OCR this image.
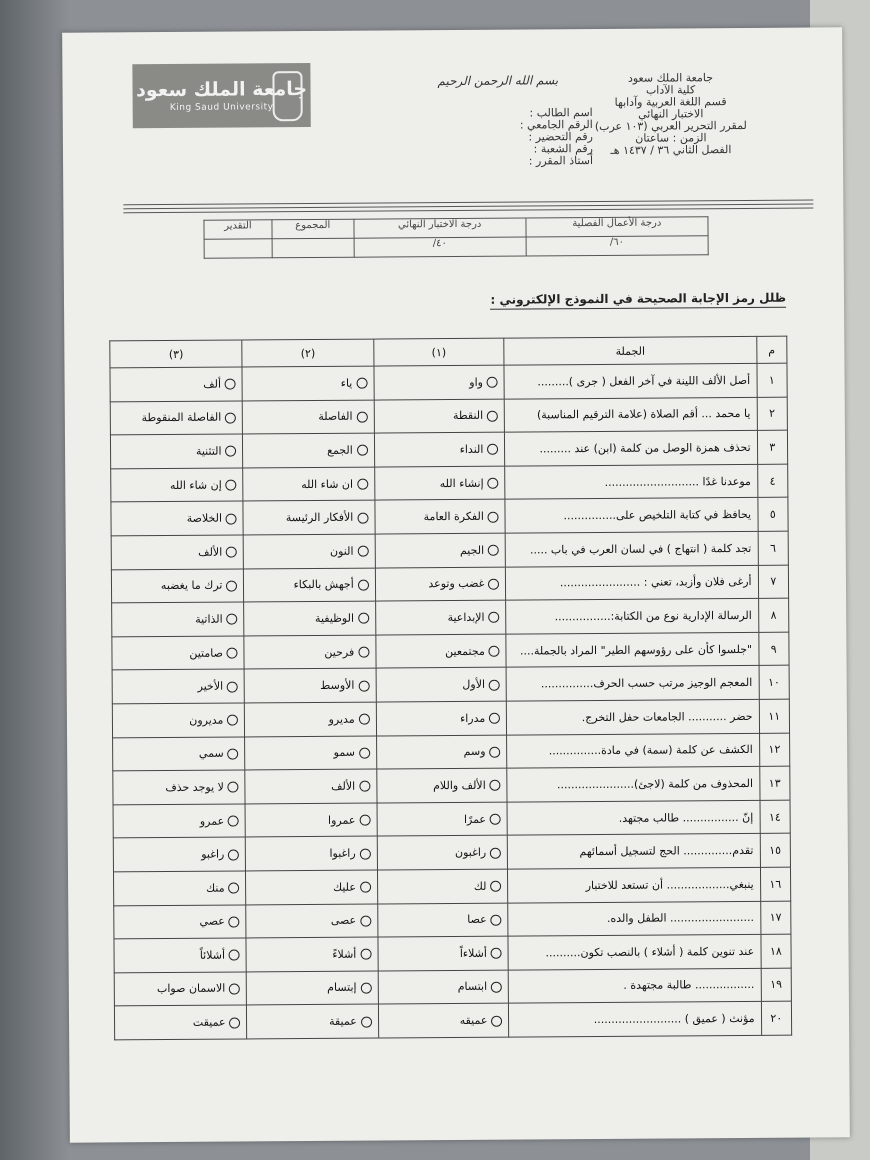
جامعة الملك سعود
King Saud University
بسم الله الرحمن الرحيم	جامعة الملك سعود
كلية الآداب
قسم اللغة العربية وآدابها
الاختبار النهائي
لمقرر التحرير العربي (١٠٣ عرب)
الزمن : ساعتان
الفصل الثاني ٣٦ / ١٤٣٧ هـ
اسم الطالب :
الرقم الجامعي :
رقم التحضير :
رقم الشعبة :
أستاذ المقرر :
درجة الأعمال الفصلية	درجة الاختبار النهائي	المجموع	التقدير
٦٠/	٤٠/		
ظلل رمز الإجابة الصحيحة في النموذج الإلكتروني :
م	الجملة	(١)	(٢)	(٣)
١	أصل الألف اللينة في آخر الفعل ( جرى ).........	واو	ياء	ألف
٢	يا محمد ... أقم الصلاة (علامة الترقيم المناسبة)	النقطة	الفاصلة	الفاصلة المنقوطة
٣	تحذف همزة الوصل من كلمة (ابن) عند .........	النداء	الجمع	التثنية
٤	موعدنا غدًا ...........................	إنشاء الله	ان شاء الله	إن شاء الله
٥	يحافظ في كتابة التلخيص على...............	الفكرة العامة	الأفكار الرئيسة	الخلاصة
٦	تجد كلمة ( انتهاج ) في لسان العرب في باب .....	الجيم	النون	الألف
٧	أرغى فلان وأزبد، تعني : .......................	غضب وتوعد	أجهش بالبكاء	ترك ما يغضبه
٨	الرسالة الإدارية نوع من الكتابة:................	الإبداعية	الوظيفية	الذاتية
٩	"جلسوا كأن على رؤوسهم الطير" المراد بالجملة....	مجتمعين	فرحين	صامتين
١٠	المعجم الوجيز مرتب حسب الحرف...............	الأول	الأوسط	الأخير
١١	حضر ........... الجامعات حفل التخرج.	مدراء	مديرو	مديرون
١٢	الكشف عن كلمة (سمة) في مادة...............	وسم	سمو	سمي
١٣	المحذوف من كلمة (لاجئ)......................	الألف واللام	الألف	لا يوجد حذف
١٤	إنّ ................ طالب مجتهد.	عمرًا	عمروا	عمرو
١٥	تقدم.............. الحج لتسجيل أسمائهم	راغبون	راغبوا	راغبو
١٦	ينبغي.................. أن تستعد للاختبار	لك	عليك	منك
١٧	........................ الطفل والده.	عصا	عصى	عصي
١٨	عند تنوين كلمة ( أشلاء ) بالنصب تكون..........	أشلاءاً	أشلاءً	أشلائاً
١٩	................. طالبة مجتهدة .	ابتسام	إبتسام	الاسمان صواب
٢٠	مؤنث ( عميق ) .........................	عميقه	عميقة	عميقت
